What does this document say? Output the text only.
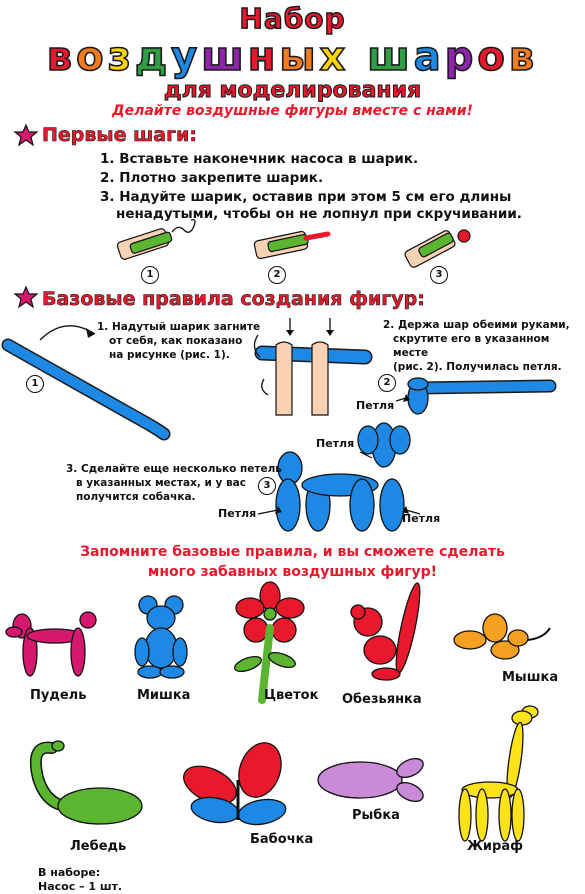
Набор
воздушных шаров
для моделирования
Делайте воздушные фигуры вместе с нами!
Первые шаги:
1. Вставьте наконечник насоса в шарик.
2. Плотно закрепите шарик.
3. Надуйте шарик, оставив при этом 5 см его длины
ненадутыми, чтобы он не лопнул при скручивании.
1	2	3
Базовые правила создания фигур:
1. Надутый шарик загните
от себя, как показано
на рисунке (рис. 1).
2. Держа шар обеими руками,
скрутите его в указанном месте
(рис. 2). Получилась петля.
3. Сделайте еще несколько петель
в указанных местах, и у вас
получится собачка.
1	2
3
Петля
Петля
Петля	Петля
Запомните базовые правила, и вы сможете сделать
много забавных воздушных фигур!
Пудель	Мишка	Цветок Обезьянка
Мышка
Лебедь	Бабочка
Рыбка
Жираф
В наборе:
Насос – 1 шт.
